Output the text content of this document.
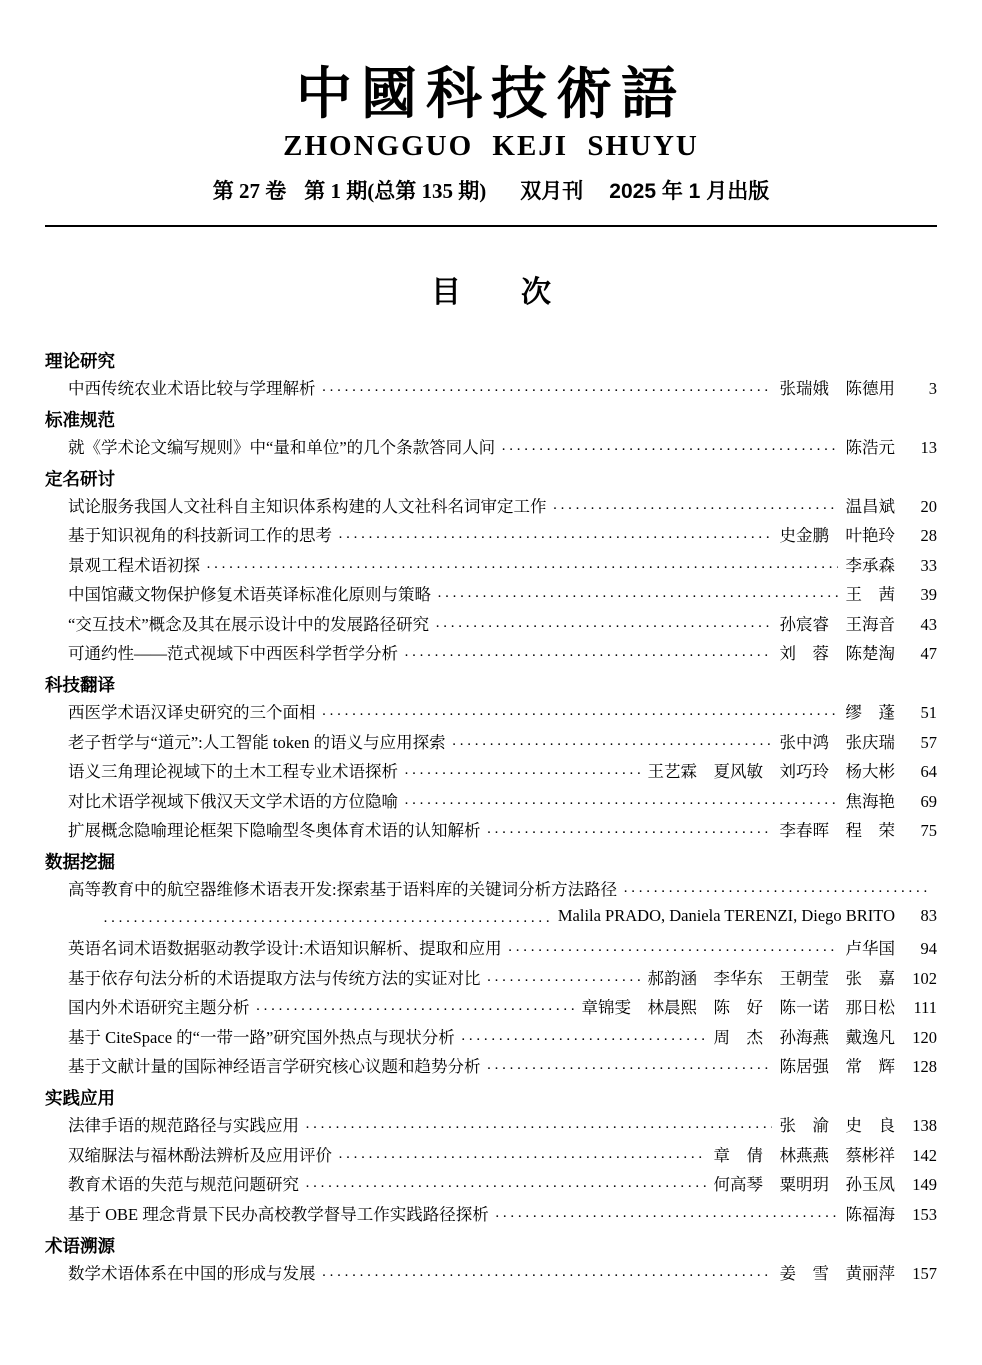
中國科技術語
ZHONGGUO KEJI SHUYU
第 27 卷 第 1 期(总第 135 期) 双月刊 2025 年 1 月出版
目　　次
理论研究
中西传统农业术语比较与学理解析 ·····	张瑞娥　陈德用	3
标准规范
就《学术论文编写规则》中“量和单位”的几个条款答同人问 ·····	陈浩元	13
定名研讨
试论服务我国人文社科自主知识体系构建的人文社科名词审定工作 ·····	温昌斌	20
基于知识视角的科技新词工作的思考 ·····	史金鹏　叶艳玲	28
景观工程术语初探 ·····	李承森	33
中国馆藏文物保护修复术语英译标准化原则与策略 ·····	王　茜	39
“交互技术”概念及其在展示设计中的发展路径研究 ·····	孙宸睿　王海音	43
可通约性——范式视域下中西医科学哲学分析 ·····	刘　蓉　陈楚淘	47
科技翻译
西医学术语汉译史研究的三个面相 ·····	缪　蓬	51
老子哲学与“道元”:人工智能 token 的语义与应用探索 ·····	张中鸿　张庆瑞	57
语义三角理论视域下的土木工程专业术语探析 ·····	王艺霖　夏风敏　刘巧玲　杨大彬	64
对比术语学视域下俄汉天文学术语的方位隐喻 ·····	焦海艳	69
扩展概念隐喻理论框架下隐喻型冬奥体育术语的认知解析 ·····	李春晖　程　荣	75
数据挖掘
高等教育中的航空器维修术语表开发:探索基于语料库的关键词分析方法路径
·····
·····
Malila PRADO, Daniela TERENZI, Diego BRITO	83
英语名词术语数据驱动教学设计:术语知识解析、提取和应用 ·····	卢华国	94
基于依存句法分析的术语提取方法与传统方法的实证对比 ·····	郝韵涵　李华东　王朝莹　张　嘉	102
国内外术语研究主题分析 ·····	章锦雯　林晨熙　陈　好　陈一诺　那日松	111
基于 CiteSpace 的“一带一路”研究国外热点与现状分析 ·····	周　杰　孙海燕　戴逸凡	120
基于文献计量的国际神经语言学研究核心议题和趋势分析 ·····	陈居强　常　辉	128
实践应用
法律手语的规范路径与实践应用 ·····	张　渝　史　良	138
双缩脲法与福林酚法辨析及应用评价 ·····	章　倩　林燕燕　蔡彬祥	142
教育术语的失范与规范问题研究 ·····	何高琴　粟明玥　孙玉凤	149
基于 OBE 理念背景下民办高校教学督导工作实践路径探析 ·····	陈福海	153
术语溯源
数学术语体系在中国的形成与发展 ·····	姜　雪　黄丽萍	157
